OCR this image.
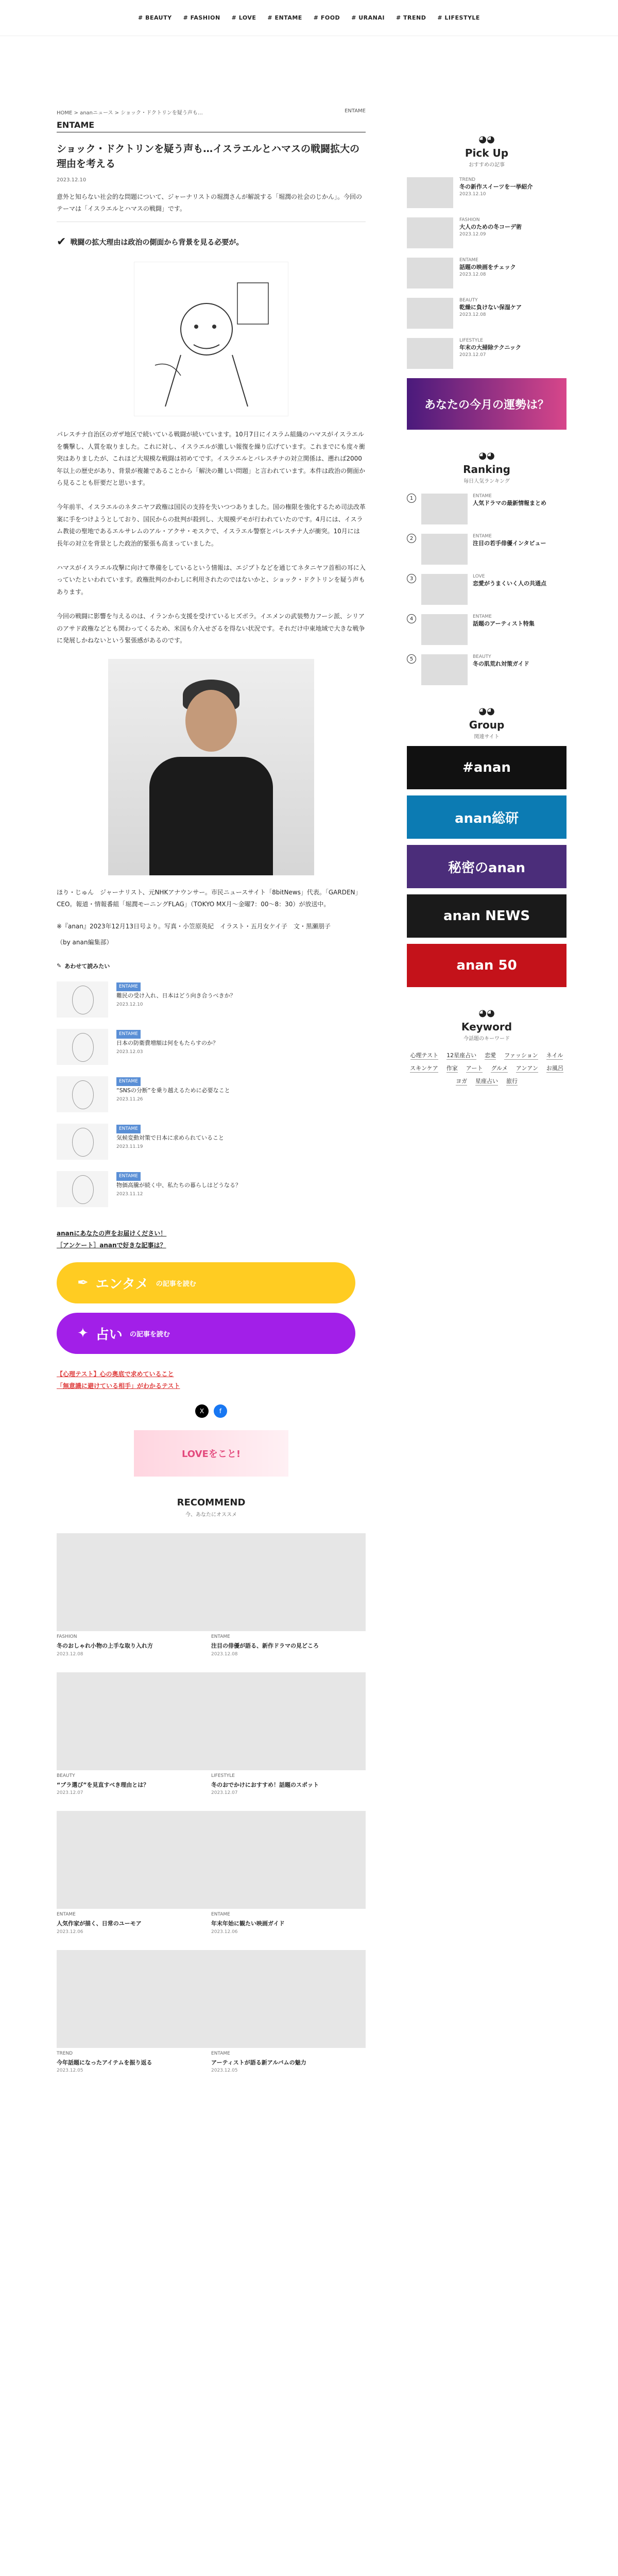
# BEAUTY # FASHION # LOVE # ENTAME # FOOD # URANAI # TREND # LIFESTYLE
HOME > ananニュース > ショック・ドクトリンを疑う声も…	ENTAME
ENTAME
ショック・ドクトリンを疑う声も…イスラエルとハマスの戦闘拡大の理由を考える
2023.12.10

意外と知らない社会的な問題について、ジャーナリストの堀潤さんが解説する「堀潤の社会のじかん」。今回のテーマは「イスラエルとハマスの戦闘」です。

✔ 戦闘の拡大理由は政治の側面から背景を見る必要が。

パレスチナ自治区のガザ地区で続いている戦闘が続いています。10月7日にイスラム組織のハマスがイスラエルを襲撃し、人質を取りました。これに対し、イスラエルが激しい報復を繰り広げています。これまでにも度々衝突はありましたが、これほど大規模な戦闘は初めてです。イスラエルとパレスチナの対立関係は、遡れば2000年以上の歴史があり、背景が複雑であることから「解決の難しい問題」と言われています。本件は政治の側面から見ることも肝要だと思います。

今年前半、イスラエルのネタニヤフ政権は国民の支持を失いつつありました。国の権限を強化するため司法改革案に手をつけようとしており、国民からの批判が殺到し、大規模デモが行われていたのです。4月には、イスラム教徒の聖地であるエルサレムのアル・アクサ・モスクで、イスラエル警察とパレスチナ人が衝突。10月には長年の対立を背景とした政治的緊張も高まっていました。

ハマスがイスラエル攻撃に向けて準備をしているという情報は、エジプトなどを通じてネタニヤフ首相の耳に入っていたといわれています。政権批判のかわしに利用されたのではないかと、ショック・ドクトリンを疑う声もあります。

今回の戦闘に影響を与えるのは、イランから支援を受けているヒズボラ。イエメンの武装勢力フーシ派、シリアのアサド政権などとも関わってくるため、米国も介入せざるを得ない状況です。それだけ中東地域で大きな戦争に発展しかねないという緊張感があるのです。

ほり・じゅん　ジャーナリスト、元NHKアナウンサー。市民ニュースサイト「8bitNews」代表。「GARDEN」CEO。報道・情報番組「堀潤モーニングFLAG」（TOKYO MX月〜金曜7：00〜8：30）が放送中。

※『anan』2023年12月13日号より。写真・小笠原英紀　イラスト・五月女ケイ子　文・黒瀬朋子

（by anan編集部）

✎ あわせて読みたい
ENTAME
難民の受け入れ、日本はどう向き合うべきか？
2023.12.10
ENTAME
日本の防衛費増額は何をもたらすのか？
2023.12.03
ENTAME
“SNSの分断”を乗り越えるために必要なこと
2023.11.26
ENTAME
気候変動対策で日本に求められていること
2023.11.19
ENTAME
物価高騰が続く中、私たちの暮らしはどうなる？
2023.11.12
ananにあなたの声をお届けください！
［アンケート］ananで好きな記事は？
✒ エンタメ の記事を読む
✦ 占い の記事を読む
【心理テスト】心の奥底で求めていること
「無意識に避けている相手」がわかるテスト
X	f
LOVEをこと!
RECOMMEND
今、あなたにオススメ
FASHION
冬のおしゃれ小物の上手な取り入れ方
2023.12.08
ENTAME
注目の俳優が語る、新作ドラマの見どころ
2023.12.08
BEAUTY
“ブラ選び”を見直すべき理由とは？
2023.12.07
LIFESTYLE
冬のおでかけにおすすめ！話題のスポット
2023.12.07
ENTAME
人気作家が描く、日常のユーモア
2023.12.06
ENTAME
年末年始に観たい映画ガイド
2023.12.06
TREND
今年話題になったアイテムを振り返る
2023.12.05
ENTAME
アーティストが語る新アルバムの魅力
2023.12.05
◕◕
Pick Up
おすすめの記事
TREND
冬の新作スイーツを一挙紹介
2023.12.10
FASHION
大人のための冬コーデ術
2023.12.09
ENTAME
話題の映画をチェック
2023.12.08
BEAUTY
乾燥に負けない保湿ケア
2023.12.08
LIFESTYLE
年末の大掃除テクニック
2023.12.07
あなたの今月の運勢は？
◕◕
Ranking
毎日人気ランキング
1	ENTAME
人気ドラマの最新情報まとめ
2	ENTAME
注目の若手俳優インタビュー
3	LOVE
恋愛がうまくいく人の共通点
4	ENTAME
話題のアーティスト特集
5	BEAUTY
冬の肌荒れ対策ガイド
◕◕
Group
関連サイト
#anan
anan総研
秘密のanan
anan NEWS
anan 50
◕◕
Keyword
今話題のキーワード
心理テスト 12星座占い 恋愛 ファッション ネイル
スキンケア 作家 アート グルメ アンアン お風呂
ヨガ 星座占い 旅行
